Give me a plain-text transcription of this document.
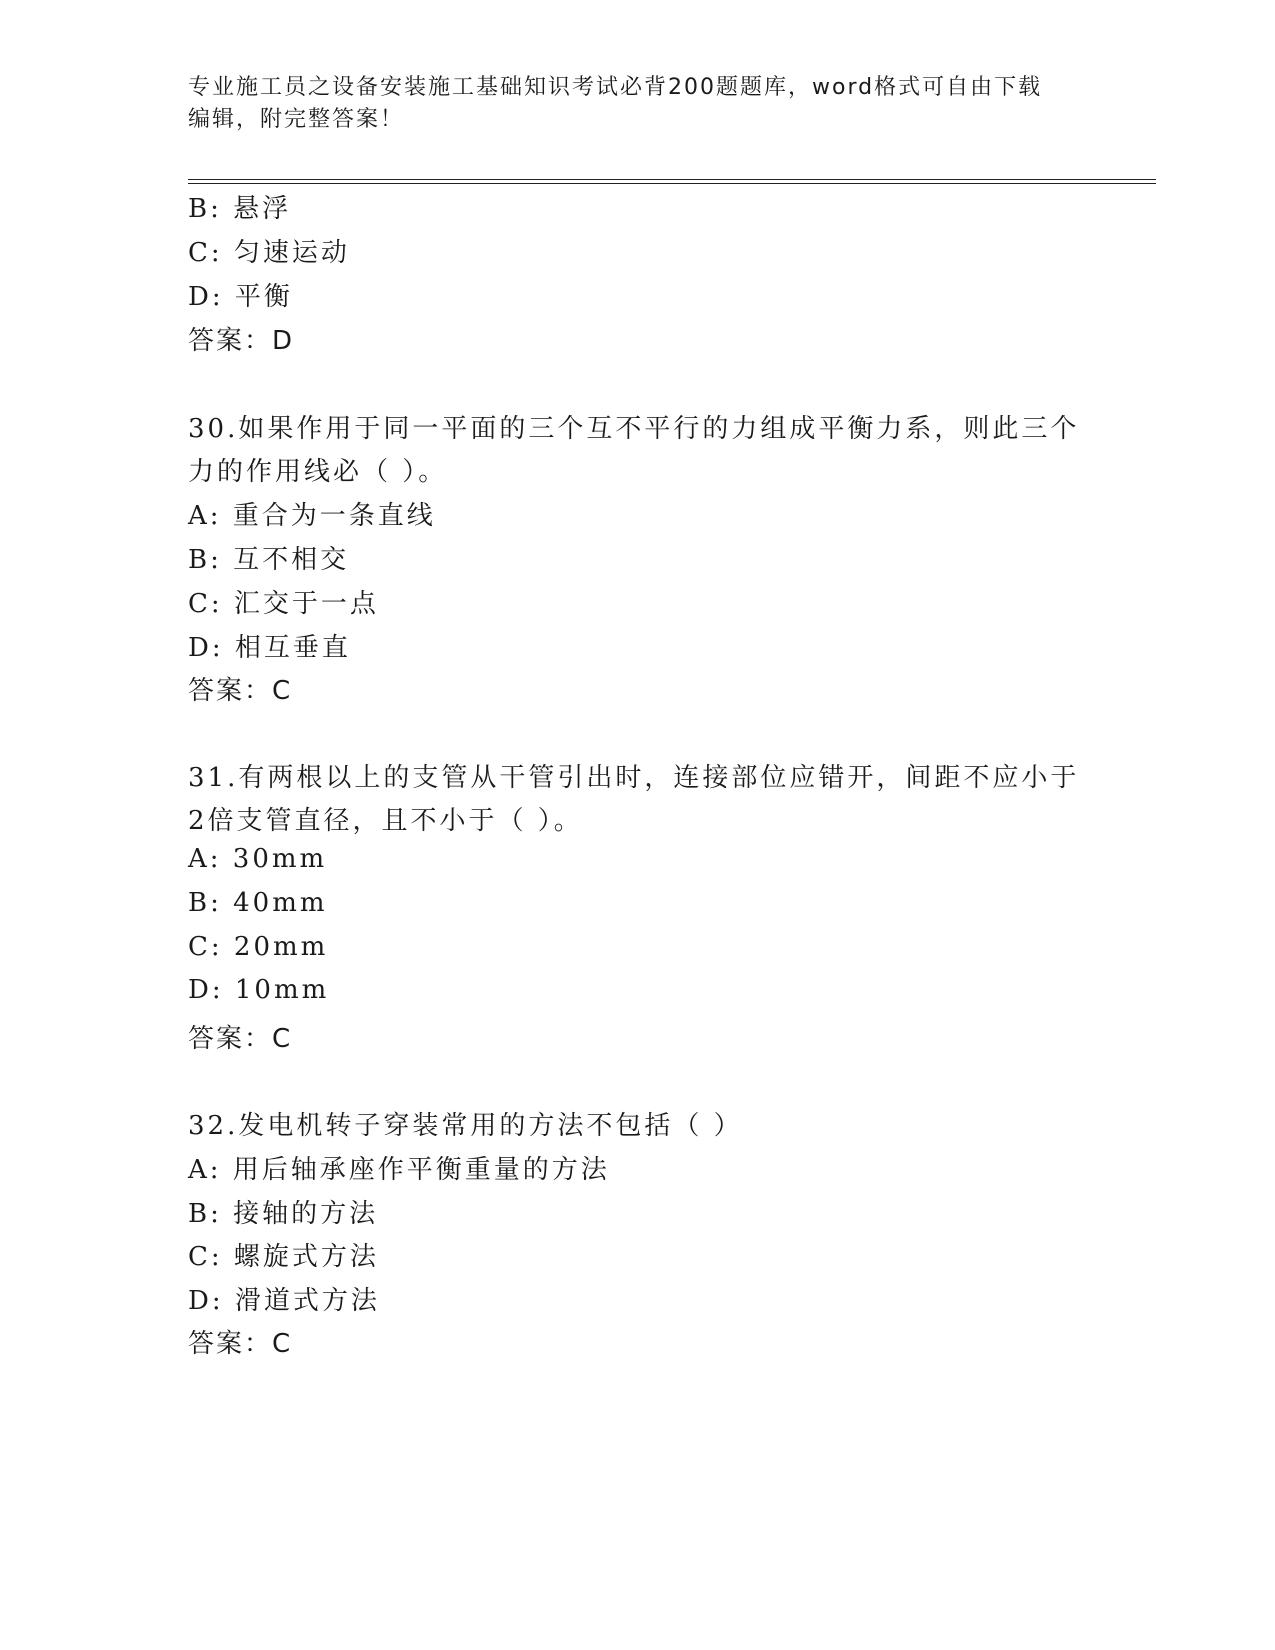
专业施工员之设备安装施工基础知识考试必背200题题库，word格式可自由下载
编辑，附完整答案！
B: 悬浮
C: 匀速运动
D: 平衡
答案：D
30.如果作用于同一平面的三个互不平行的力组成平衡力系，则此三个
力的作用线必（ ）。
A: 重合为一条直线
B: 互不相交
C: 汇交于一点
D: 相互垂直
答案：C
31.有两根以上的支管从干管引出时，连接部位应错开，间距不应小于
2倍支管直径，且不小于（ ）。
A: 30mm
B: 40mm
C: 20mm
D: 10mm
答案：C
32.发电机转子穿装常用的方法不包括（ ）
A: 用后轴承座作平衡重量的方法
B: 接轴的方法
C: 螺旋式方法
D: 滑道式方法
答案：C
